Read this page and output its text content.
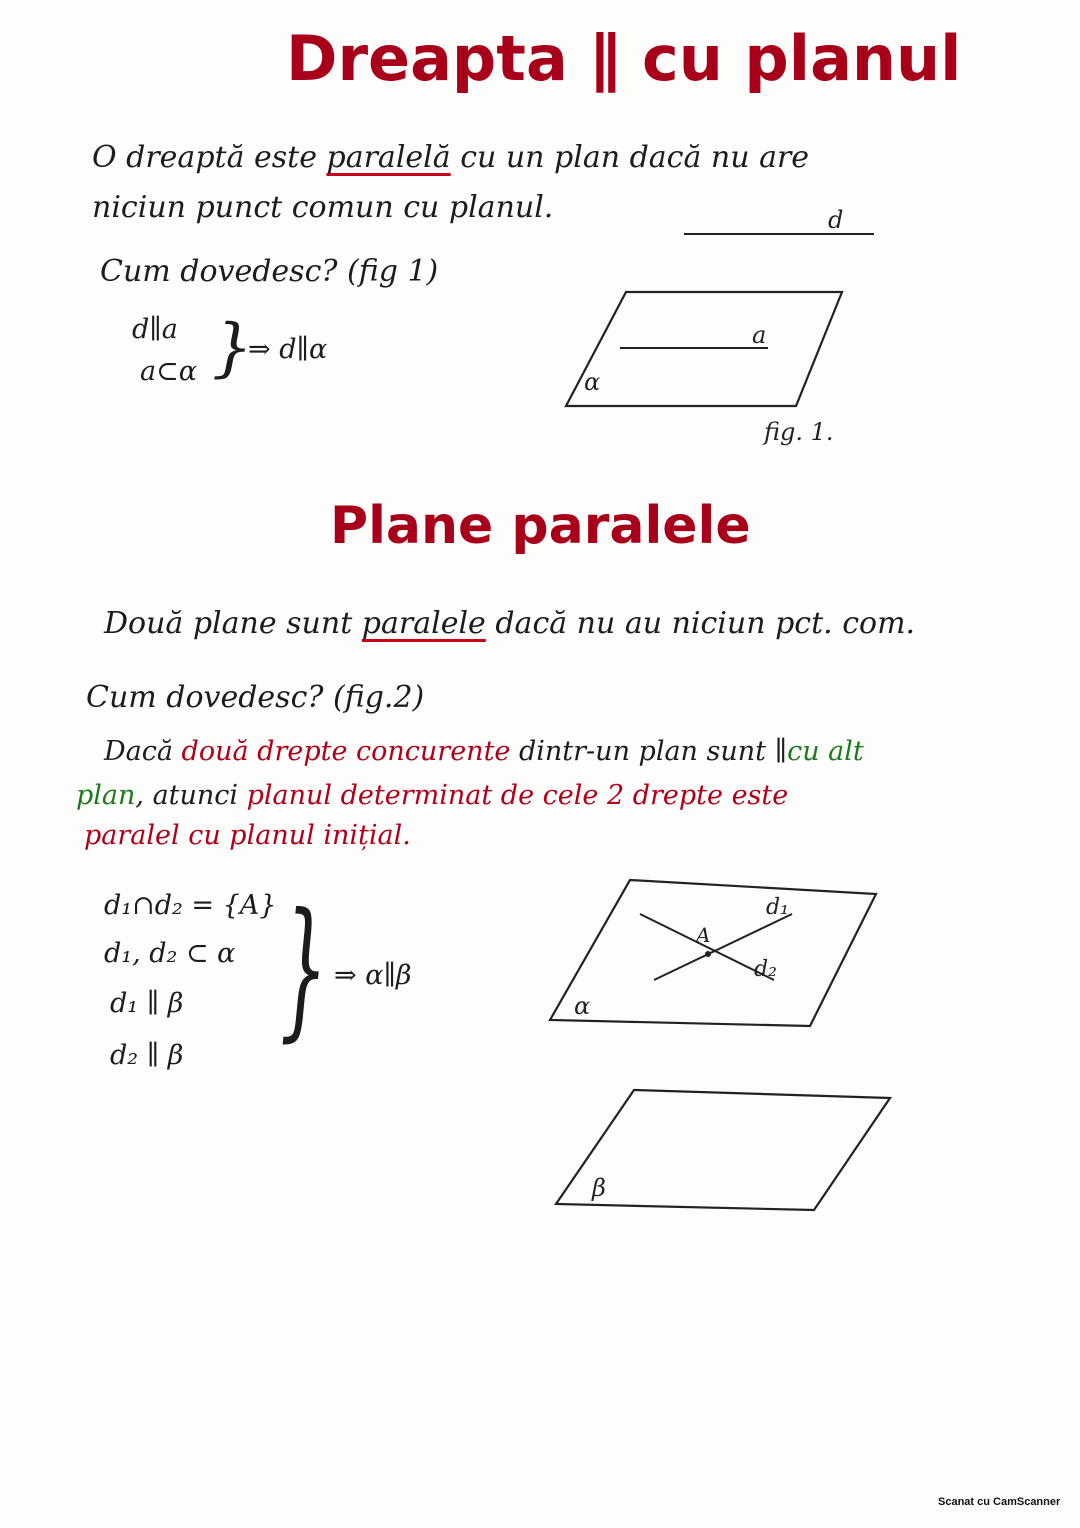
Dreapta ∥ cu planul
O dreaptă este paralelă cu un plan dacă nu are
niciun punct comun cu planul.
Cum dovedesc? (fig 1)
d∥a
a⊂α }
⇒ d∥α
d
a
α
fig. 1.
Plane paralele
Două plane sunt paralele dacă nu au niciun pct. com.
Cum dovedesc? (fig.2)
Dacă două drepte concurente dintr-un plan sunt ∥cu alt
plan, atunci planul determinat de cele 2 drepte este
paralel cu planul inițial.
d₁∩d₂ = {A}
d₁, d₂ ⊂ α
d₁ ∥ β
d₂ ∥ β } ⇒ α∥β
A
d₁
d₂
α
β
Scanat cu CamScanner
